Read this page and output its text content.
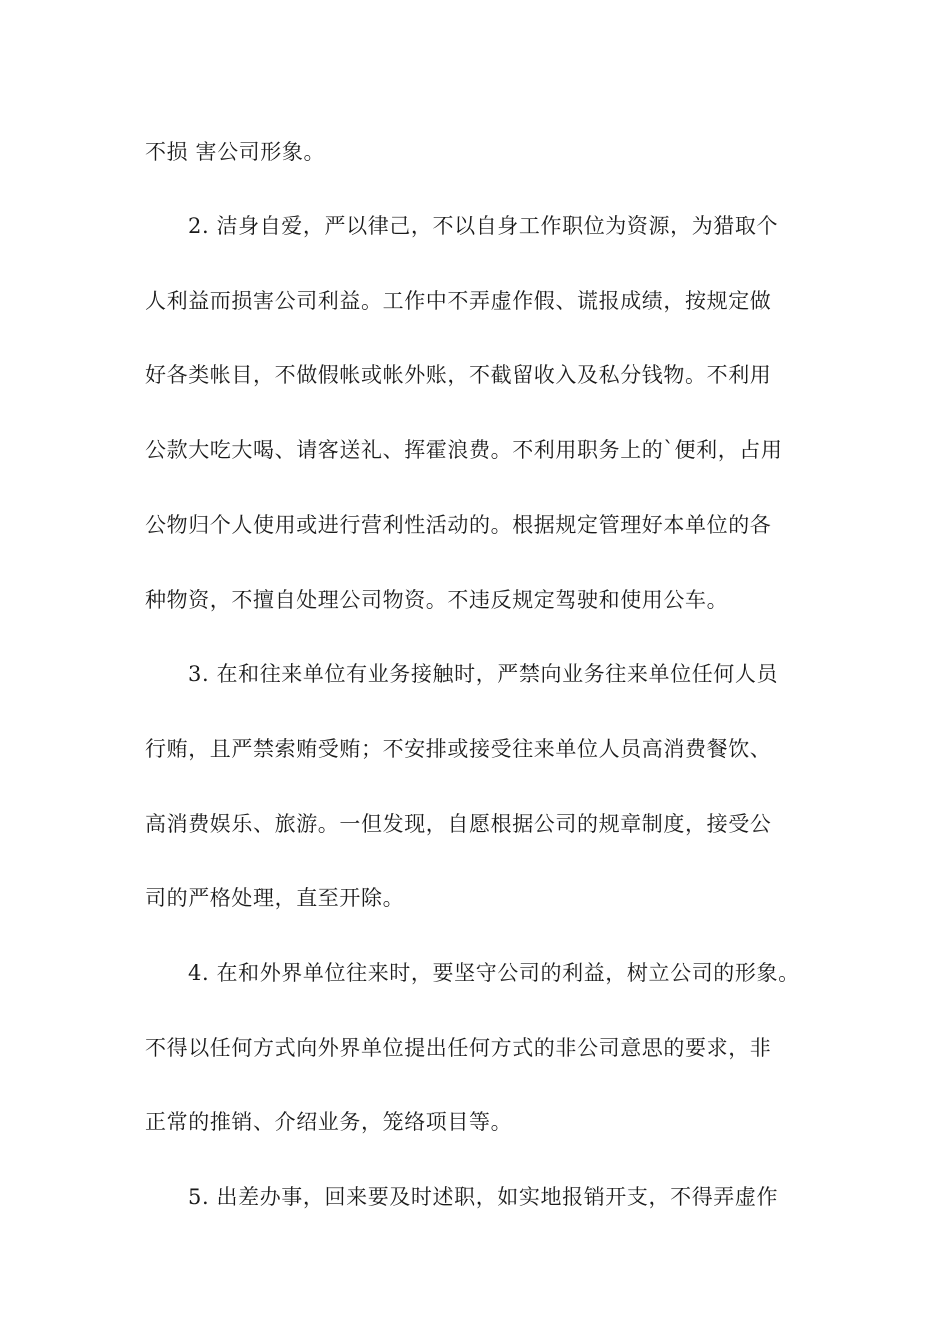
不损 害公司形象。
2. 洁身自爱，严以律己，不以自身工作职位为资源，为猎取个
人利益而损害公司利益。工作中不弄虚作假、谎报成绩，按规定做
好各类帐目，不做假帐或帐外账，不截留收入及私分钱物。不利用
公款大吃大喝、请客送礼、挥霍浪费。不利用职务上的`便利，占用
公物归个人使用或进行营利性活动的。根据规定管理好本单位的各
种物资，不擅自处理公司物资。不违反规定驾驶和使用公车。
3. 在和往来单位有业务接触时，严禁向业务往来单位任何人员
行贿，且严禁索贿受贿；不安排或接受往来单位人员高消费餐饮、
高消费娱乐、旅游。一但发现，自愿根据公司的规章制度，接受公
司的严格处理，直至开除。
4. 在和外界单位往来时，要坚守公司的利益，树立公司的形象。
不得以任何方式向外界单位提出任何方式的非公司意思的要求，非
正常的推销、介绍业务，笼络项目等。
5. 出差办事，回来要及时述职，如实地报销开支，不得弄虚作
